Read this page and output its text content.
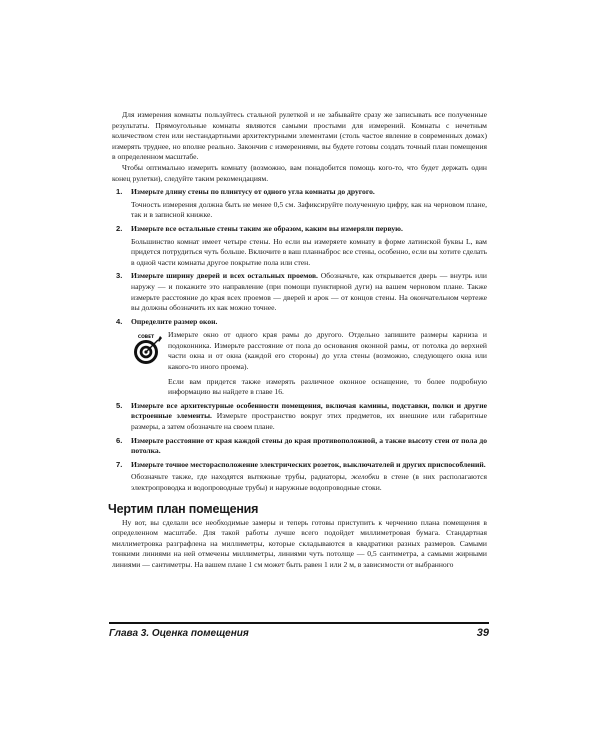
Для измерения комнаты пользуйтесь стальной рулеткой и не забывайте сразу же записывать все полученные результаты. Прямоугольные комнаты являются самыми простыми для измерений. Комнаты с нечетным количеством стен или нестандартными архитектурными элементами (столь частое явление в современных домах) измерять труднее, но вполне реально. Закончив с измерениями, вы будете готовы создать точный план помещения в определенном масштабе.

Чтобы оптимально измерить комнату (возможно, вам понадобится помощь кого-то, что будет держать один конец рулетки), следуйте таким рекомендациям.

1. Измерьте длину стены по плинтусу от одного угла комнаты до другого.
Точность измерения должна быть не менее 0,5 см. Зафиксируйте полученную цифру, как на черновом плане, так и в записной книжке.
2. Измерьте все остальные стены таким же образом, каким вы измеряли первую.
Большинство комнат имеет четыре стены. Но если вы измеряете комнату в форме латинской буквы L, вам придется потрудиться чуть больше. Включите в ваш планнаброс все стены, особенно, если вы хотите сделать в одной части комнаты другое покрытие пола или стен.
3. Измерьте ширину дверей и всех остальных проемов. Обозначьте, как открывается дверь — внутрь или наружу — и покажите это направление (при помощи пунктирной дуги) на вашем черновом плане. Также измерьте расстояние до края всех проемов — дверей и арок — от концов стены. На окончательном чертеже вы должны обозначить их как можно точнее.
4. Определите размер окон.
СОВЕТ Измерьте окно от одного края рамы до другого. Отдельно запишите размеры карниза и подоконника. Измерьте расстояние от пола до основания оконной рамы, от потолка до верхней части окна и от окна (каждой его стороны) до угла стены (возможно, следующего окна или какого-то иного проема).
Если вам придется также измерять различное оконное оснащение, то более подробную информацию вы найдете в главе 16.
5. Измерьте все архитектурные особенности помещения, включая камины, подставки, полки и другие встроенные элементы. Измерьте пространство вокруг этих предметов, их внешние или габаритные размеры, а затем обозначьте на своем плане.
6. Измерьте расстояние от края каждой стены до края противоположной, а также высоту стен от пола до потолка.
7. Измерьте точное месторасположение электрических розеток, выключателей и других приспособлений.
Обозначьте также, где находятся вытяжные трубы, радиаторы, желобки в стене (в них располагаются электропроводка и водопроводные трубы) и наружные водопроводные стоки.
Чертим план помещения

Ну вот, вы сделали все необходимые замеры и теперь готовы приступить к черчению плана помещения в определенном масштабе. Для такой работы лучше всего подойдет миллиметровая бумага. Стандартная миллиметровка разграфлена на миллиметры, которые складываются в квадратики разных размеров. Самыми тонкими линиями на ней отмечены миллиметры, линиями чуть потолще — 0,5 сантиметра, а самыми жирными линиями — сантиметры. На вашем плане 1 см может быть равен 1 или 2 м, в зависимости от выбранного

Глава 3. Оценка помещения	39
